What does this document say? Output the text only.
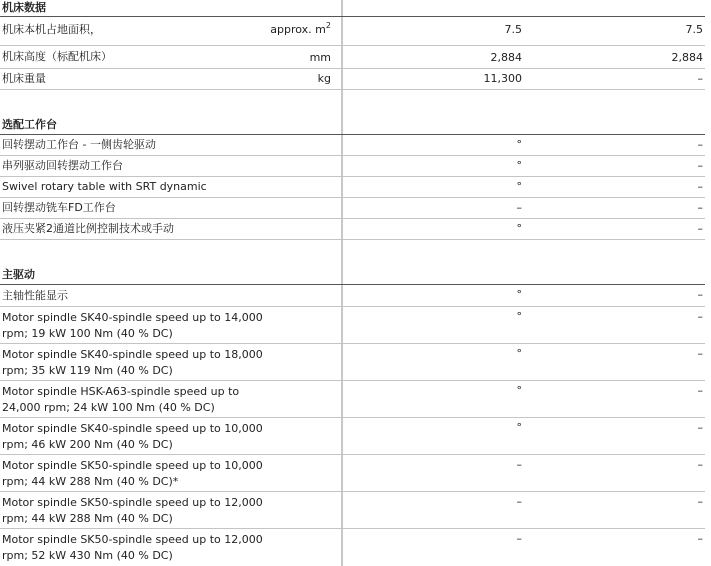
机床数据
机床本机占地面积，	approx. $m^2$	7.5	7.5
机床高度（标配机床）	mm	2,884	2,884
机床重量	kg	11,300	–
选配工作台
回转摆动工作台 - 一侧齿轮驱动	°	–
串列驱动回转摆动工作台	°	–
Swivel rotary table with SRT dynamic	°	–
回转摆动铣车FD工作台	–	–
液压夹紧2通道比例控制技术或手动	°	–
主驱动
主轴性能显示	°	–
Motor spindle SK40-spindle speed up to 14,000
rpm; 19 kW 100 Nm (40 % DC)
°	–
Motor spindle SK40-spindle speed up to 18,000
rpm; 35 kW 119 Nm (40 % DC)
°	–
Motor spindle HSK-A63-spindle speed up to
24,000 rpm; 24 kW 100 Nm (40 % DC)
°	–
Motor spindle SK40-spindle speed up to 10,000
rpm; 46 kW 200 Nm (40 % DC)
°	–
Motor spindle SK50-spindle speed up to 10,000
rpm; 44 kW 288 Nm (40 % DC)*
–	–
Motor spindle SK50-spindle speed up to 12,000
rpm; 44 kW 288 Nm (40 % DC)
–	–
Motor spindle SK50-spindle speed up to 12,000
rpm; 52 kW 430 Nm (40 % DC)
–	–
